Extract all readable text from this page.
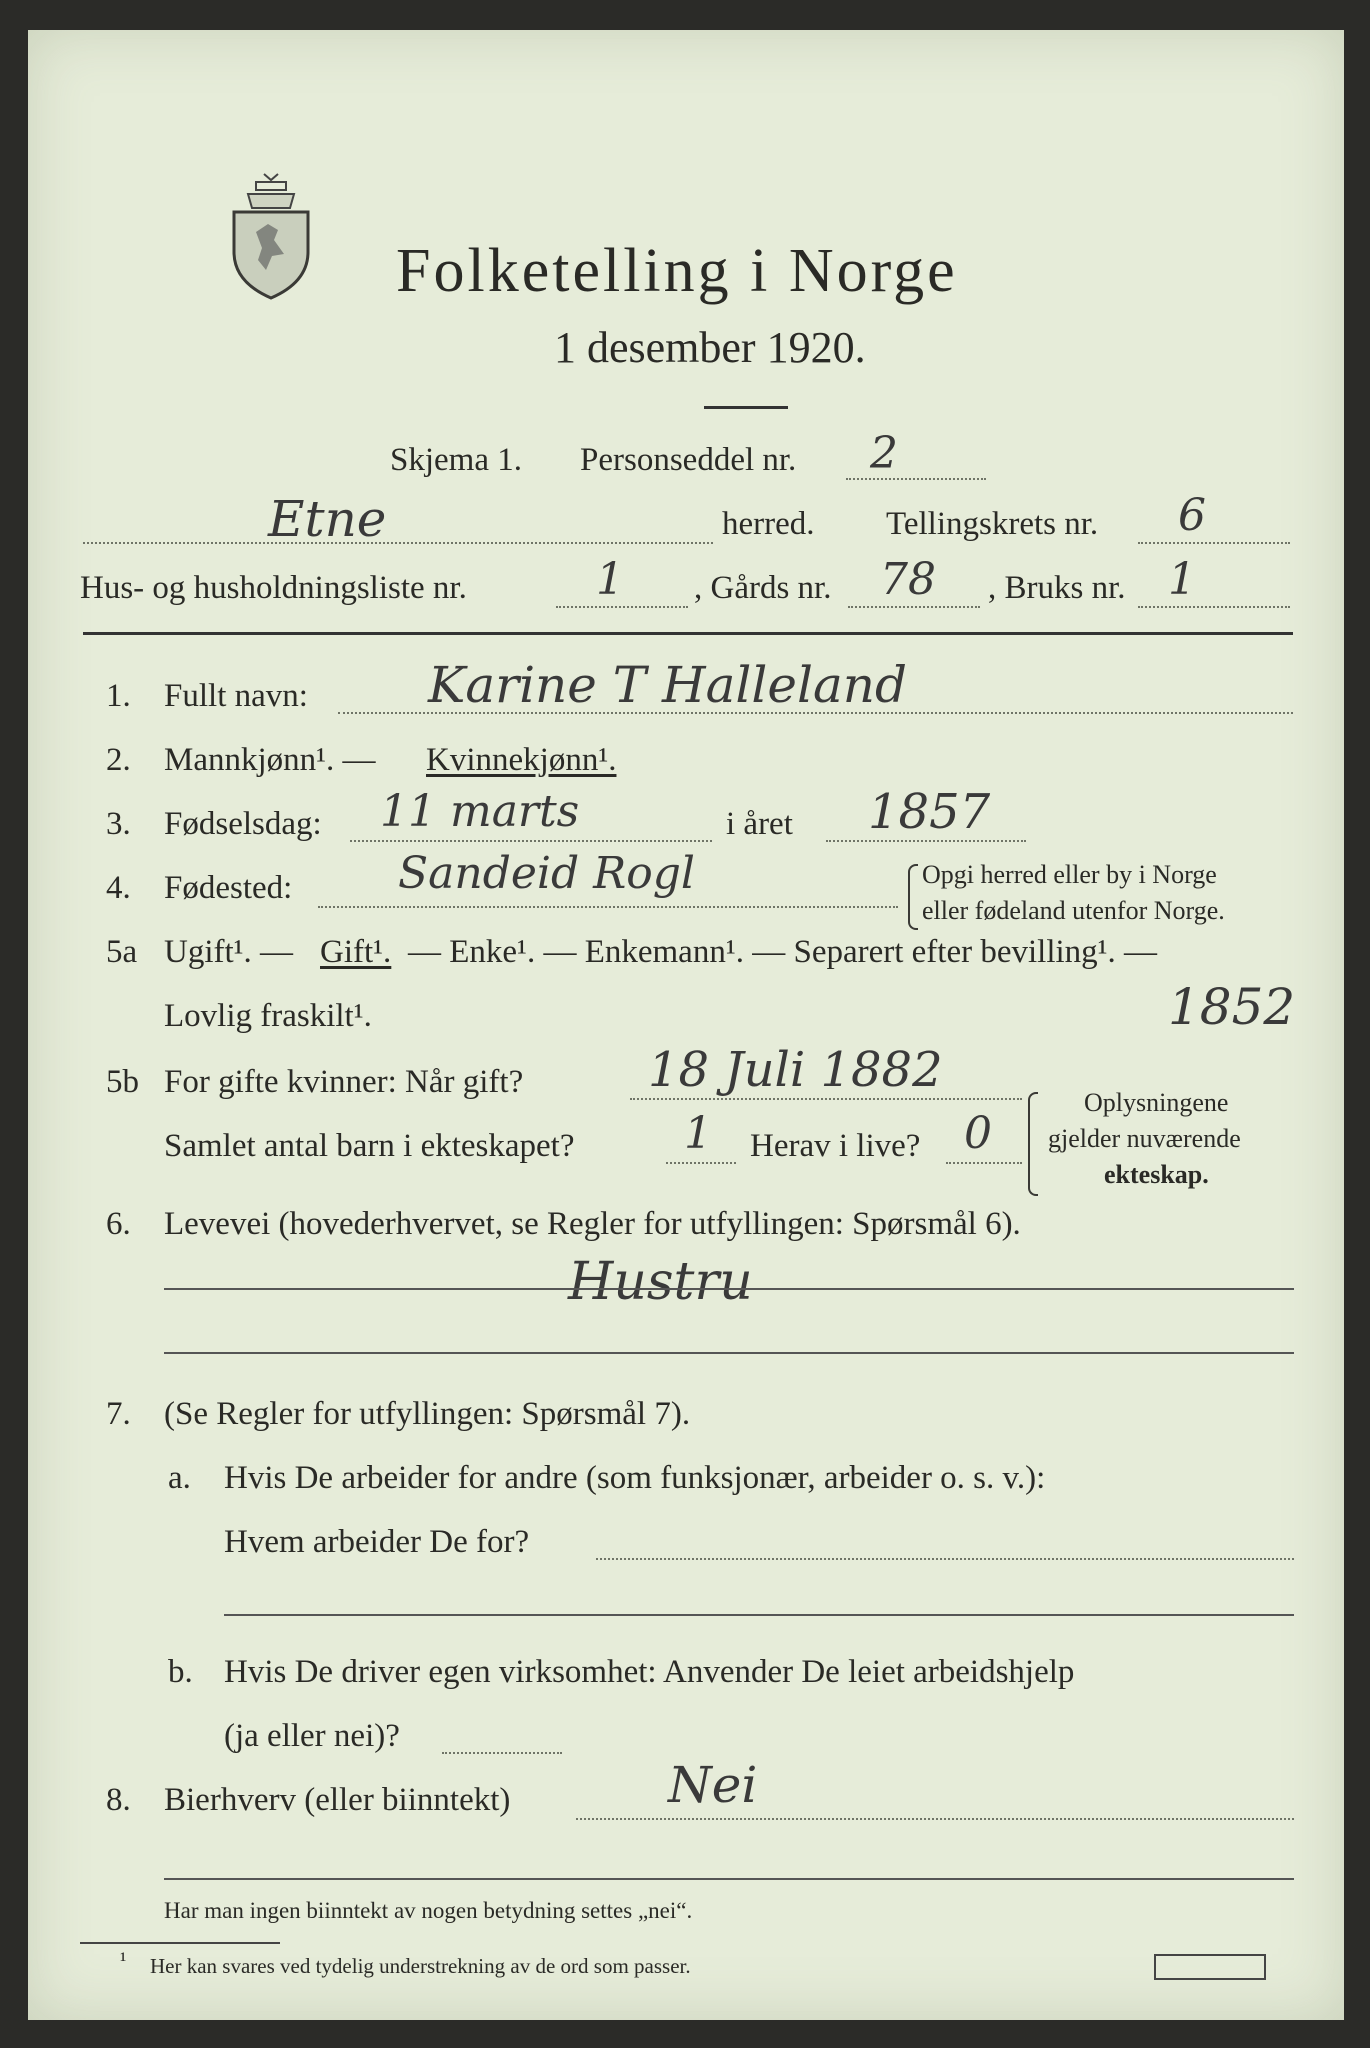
Folketelling i Norge
1 desember 1920.
Skjema 1. Personseddel nr. 2
Etne	herred. Tellingskrets nr. 6
Hus- og husholdningsliste nr.	1 , Gårds nr. 78 , Bruks nr. 1
1. Fullt navn: Karine T Halleland
2. Mannkjønn¹. — Kvinnekjønn¹.
3. Fødselsdag: 11 marts	i året 1857
4. Fødested: Sandeid Rogl	Opgi herred eller by i Norge
eller fødeland utenfor Norge.
5a Ugift¹. — Gift¹. — Enke¹. — Enkemann¹. — Separert efter bevilling¹. —
Lovlig fraskilt¹.	1852
5b For gifte kvinner: Når gift?	18 Juli 1882
Samlet antal barn i ekteskapet? 1 Herav i live? 0
Oplysningene
gjelder nuværende
ekteskap.
6. Levevei (hovederhvervet, se Regler for utfyllingen: Spørsmål 6).
Hustru
7. (Se Regler for utfyllingen: Spørsmål 7).
a. Hvis De arbeider for andre (som funksjonær, arbeider o. s. v.):
Hvem arbeider De for?
b. Hvis De driver egen virksomhet: Anvender De leiet arbeidshjelp
(ja eller nei)?
8. Bierhverv (eller biinntekt)	Nei
Har man ingen biinntekt av nogen betydning settes „nei“.
¹ Her kan svares ved tydelig understrekning av de ord som passer.
